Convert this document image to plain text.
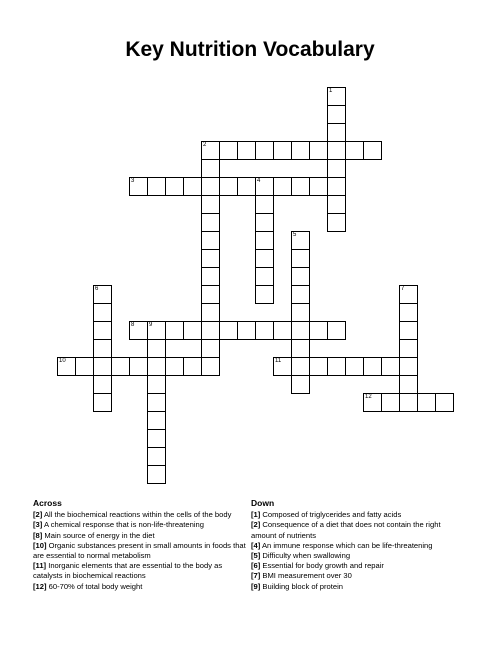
Key Nutrition Vocabulary
1
2
3	4
5
6	7
8 9
10	11
12
Across

[2] All the biochemical reactions within the cells of the body

[3] A chemical response that is non-life-threatening

[8] Main source of energy in the diet

[10] Organic substances present in small amounts in foods that are essential to normal metabolism

[11] Inorganic elements that are essential to the body as catalysts in biochemical reactions

[12] 60-70% of total body weight

Down

[1] Composed of triglycerides and fatty acids

[2] Consequence of a diet that does not contain the right amount of nutrients

[4] An immune response which can be life-threatening

[5] Difficulty when swallowing

[6] Essential for body growth and repair

[7] BMI measurement over 30

[9] Building block of protein
